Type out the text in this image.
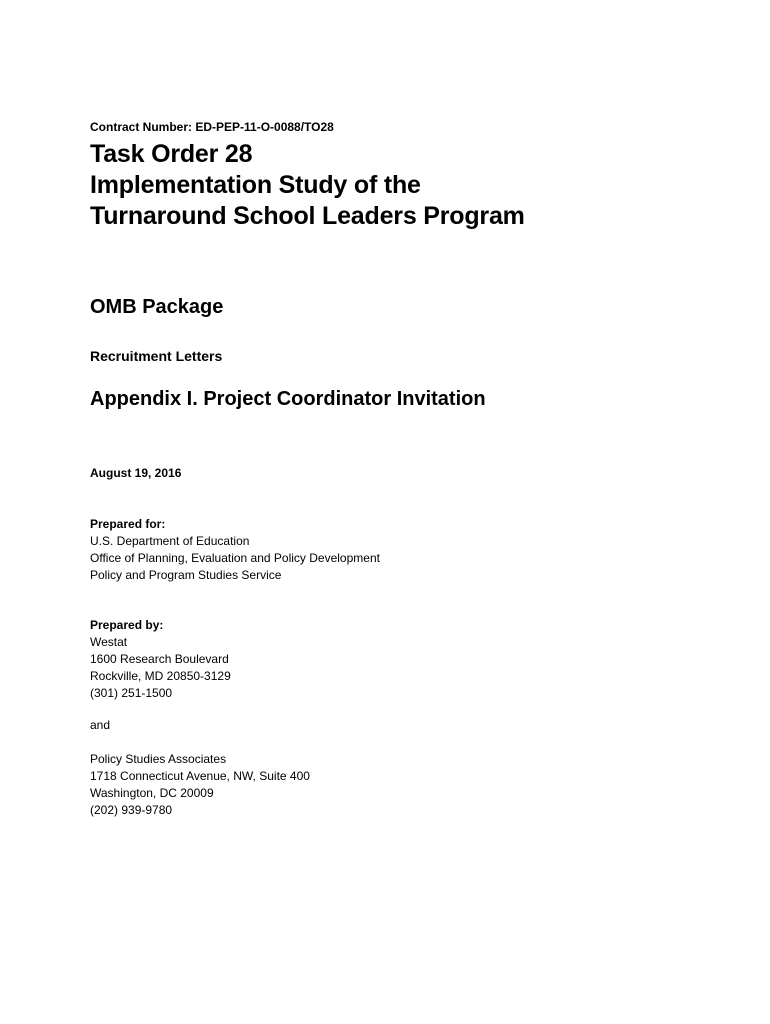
Contract Number: ED-PEP-11-O-0088/TO28
Task Order 28
Implementation Study of the
Turnaround School Leaders Program
OMB Package
Recruitment Letters
Appendix I. Project Coordinator Invitation
August 19, 2016
Prepared for:
U.S. Department of Education
Office of Planning, Evaluation and Policy Development
Policy and Program Studies Service
Prepared by:
Westat
1600 Research Boulevard
Rockville, MD 20850-3129
(301) 251-1500
and
Policy Studies Associates
1718 Connecticut Avenue, NW, Suite 400
Washington, DC 20009
(202) 939-9780
